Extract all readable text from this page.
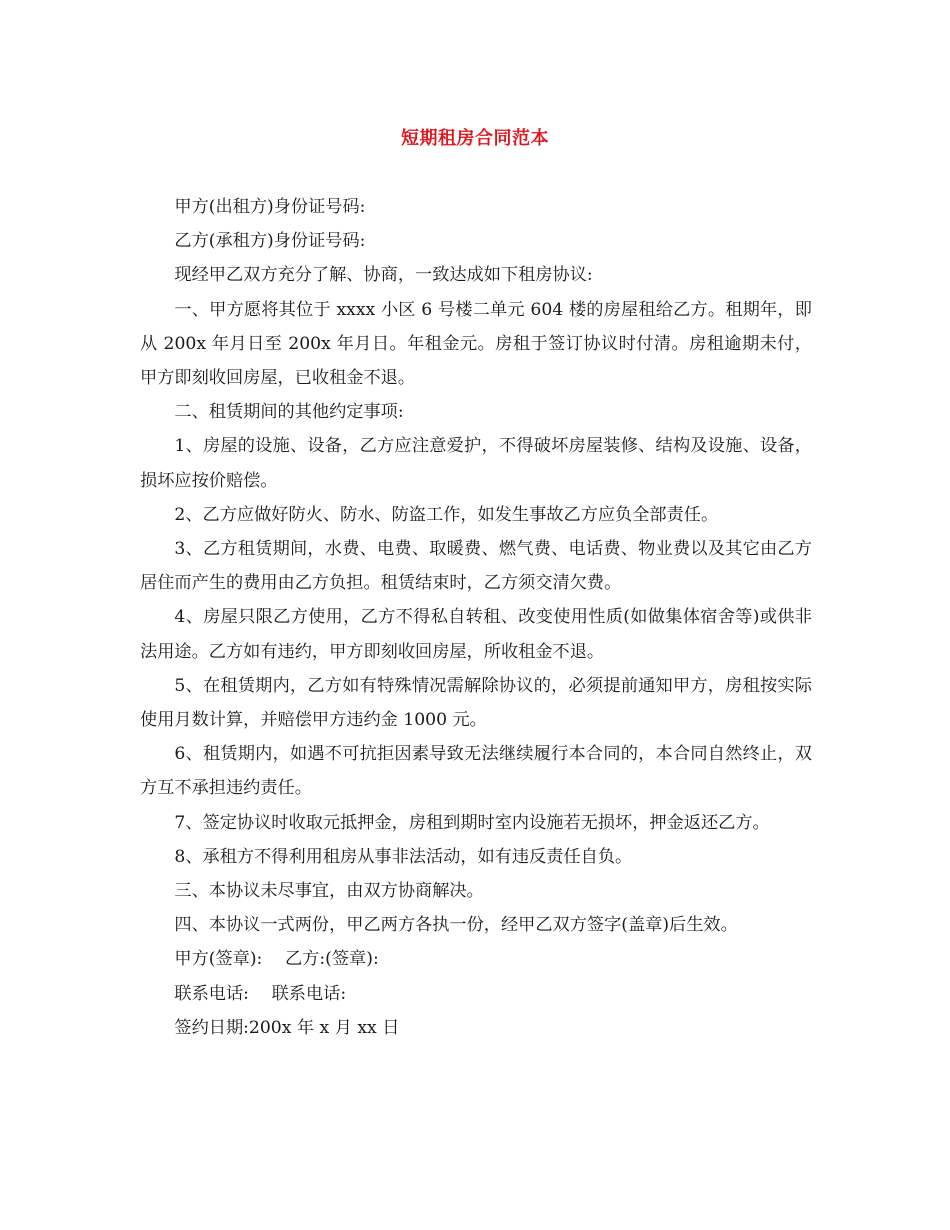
短期租房合同范本

甲方(出租方)身份证号码:

乙方(承租方)身份证号码:

现经甲乙双方充分了解、协商，一致达成如下租房协议:

一、甲方愿将其位于 xxxx 小区 6 号楼二单元 604 楼的房屋租给乙方。租期年，即从 200x 年月日至 200x 年月日。年租金元。房租于签订协议时付清。房租逾期未付，甲方即刻收回房屋，已收租金不退。

二、租赁期间的其他约定事项:

1、房屋的设施、设备，乙方应注意爱护，不得破坏房屋装修、结构及设施、设备，损坏应按价赔偿。

2、乙方应做好防火、防水、防盗工作，如发生事故乙方应负全部责任。

3、乙方租赁期间，水费、电费、取暖费、燃气费、电话费、物业费以及其它由乙方居住而产生的费用由乙方负担。租赁结束时，乙方须交清欠费。

4、房屋只限乙方使用，乙方不得私自转租、改变使用性质(如做集体宿舍等)或供非法用途。乙方如有违约，甲方即刻收回房屋，所收租金不退。

5、在租赁期内，乙方如有特殊情况需解除协议的，必须提前通知甲方，房租按实际使用月数计算，并赔偿甲方违约金 1000 元。

6、租赁期内，如遇不可抗拒因素导致无法继续履行本合同的，本合同自然终止，双方互不承担违约责任。

7、签定协议时收取元抵押金，房租到期时室内设施若无损坏，押金返还乙方。

8、承租方不得利用租房从事非法活动，如有违反责任自负。

三、本协议未尽事宜，由双方协商解决。

四、本协议一式两份，甲乙两方各执一份，经甲乙双方签字(盖章)后生效。

甲方(签章):　 乙方:(签章):

联系电话:　 联系电话:

签约日期:200x 年 x 月 xx 日
